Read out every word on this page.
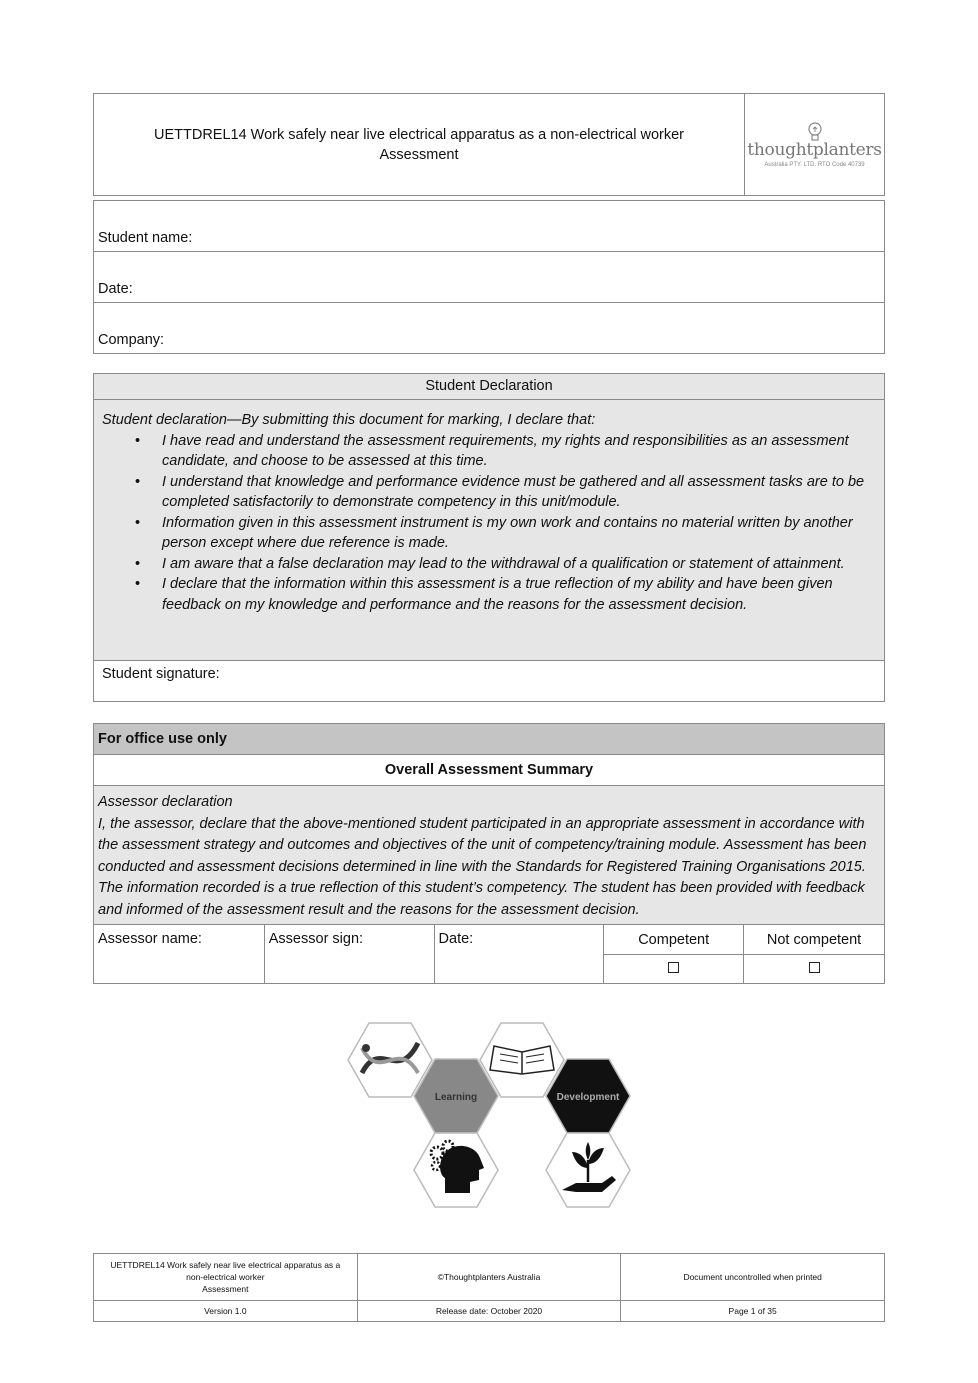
UETTDREL14 Work safely near live electrical apparatus as a non-electrical worker
Assessment	thoughtplanters
Australia PTY. LTD. RTO Code 40739
Student name:
Date:
Company:
Student Declaration
Student declaration—By submitting this document for marking, I declare that:
• I have read and understand the assessment requirements, my rights and responsibilities as an assessment candidate, and choose to be assessed at this time.
• I understand that knowledge and performance evidence must be gathered and all assessment tasks are to be completed satisfactorily to demonstrate competency in this unit/module.
• Information given in this assessment instrument is my own work and contains no material written by another person except where due reference is made.
• I am aware that a false declaration may lead to the withdrawal of a qualification or statement of attainment.
• I declare that the information within this assessment is a true reflection of my ability and have been given feedback on my knowledge and performance and the reasons for the assessment decision.
Student signature:
For office use only				
Overall Assessment Summary				

Assessor declaration
I, the assessor, declare that the above-mentioned student participated in an appropriate assessment in accordance with the assessment strategy and outcomes and objectives of the unit of competency/training module. Assessment has been conducted and assessment decisions determined in line with the Standards for Registered Training Organisations 2015. The information recorded is a true reflection of this student’s competency. The student has been provided with feedback and informed of the assessment result and the reasons for the assessment decision.				

Assessor name:	Assessor sign:	Date:	Competent	Not competent

Learning	Development
UETTDREL14 Work safely near live electrical apparatus as a
non-electrical worker
Assessment	©Thoughtplanters Australia	Document uncontrolled when printed
Version 1.0	Release date: October 2020	Page 1 of 35
